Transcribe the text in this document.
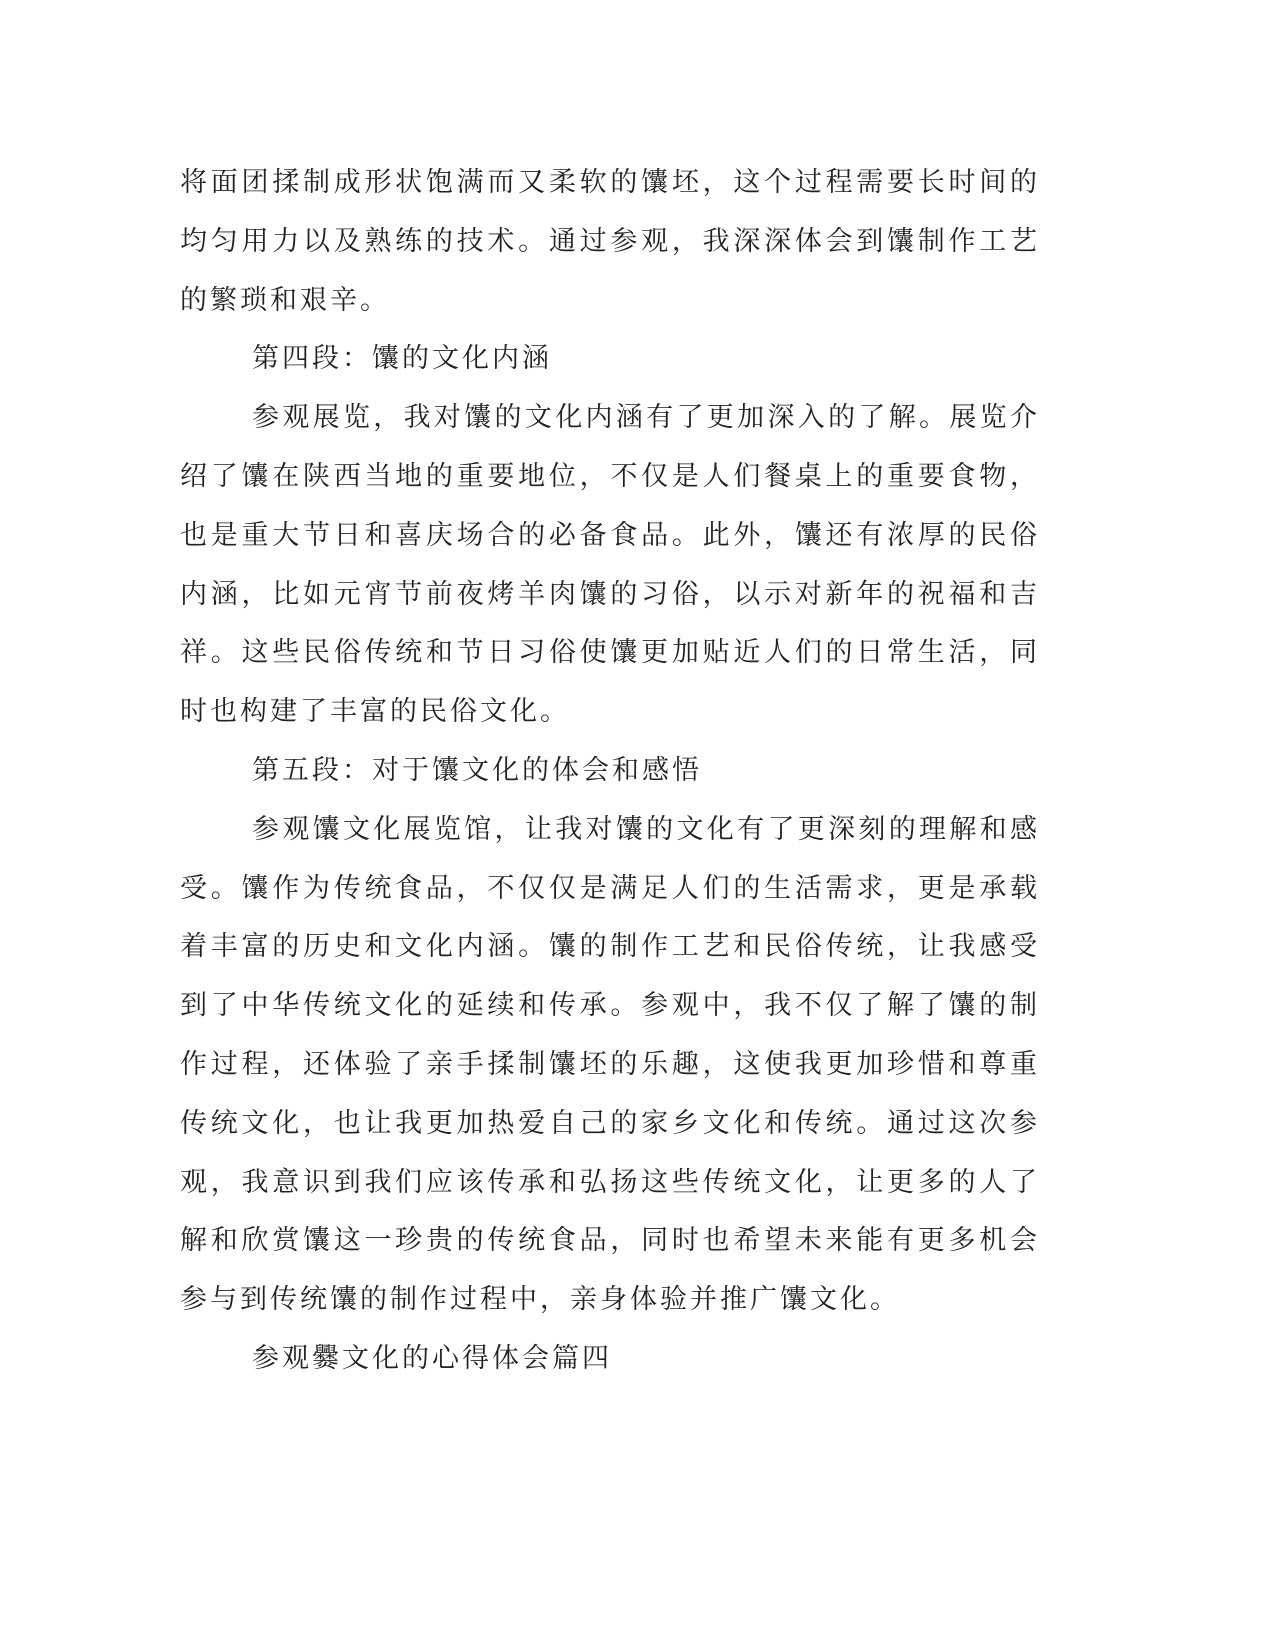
将面团揉制成形状饱满而又柔软的馕坯，这个过程需要长时间的均匀用力以及熟练的技术。通过参观，我深深体会到馕制作工艺的繁琐和艰辛。

第四段：馕的文化内涵

参观展览，我对馕的文化内涵有了更加深入的了解。展览介绍了馕在陕西当地的重要地位，不仅是人们餐桌上的重要食物，也是重大节日和喜庆场合的必备食品。此外，馕还有浓厚的民俗内涵，比如元宵节前夜烤羊肉馕的习俗，以示对新年的祝福和吉祥。这些民俗传统和节日习俗使馕更加贴近人们的日常生活，同时也构建了丰富的民俗文化。

第五段：对于馕文化的体会和感悟

参观馕文化展览馆，让我对馕的文化有了更深刻的理解和感受。馕作为传统食品，不仅仅是满足人们的生活需求，更是承载着丰富的历史和文化内涵。馕的制作工艺和民俗传统，让我感受到了中华传统文化的延续和传承。参观中，我不仅了解了馕的制作过程，还体验了亲手揉制馕坯的乐趣，这使我更加珍惜和尊重传统文化，也让我更加热爱自己的家乡文化和传统。通过这次参观，我意识到我们应该传承和弘扬这些传统文化，让更多的人了解和欣赏馕这一珍贵的传统食品，同时也希望未来能有更多机会参与到传统馕的制作过程中，亲身体验并推广馕文化。

参观爨文化的心得体会篇四
